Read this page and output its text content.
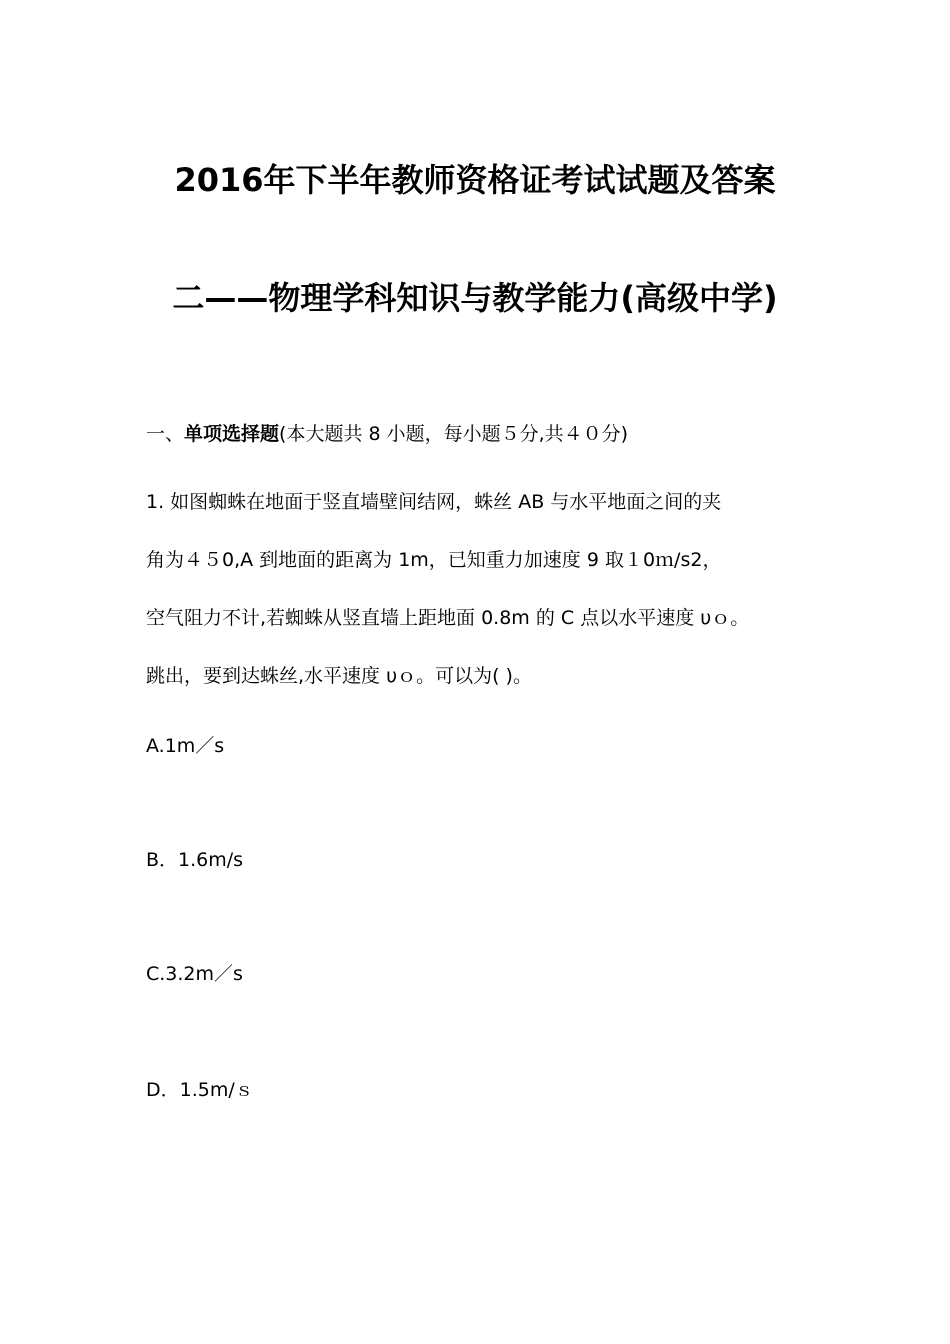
2016年下半年教师资格证考试试题及答案
二——物理学科知识与教学能力(高级中学)
一、单项选择题(本大题共 8 小题，每小题５分,共４０分)
1. 如图蜘蛛在地面于竖直墙壁间结网，蛛丝 AB 与水平地面之间的夹
角为４５0,A 到地面的距离为 1m，已知重力加速度 9 取１0ｍ/s2，
空气阻力不计,若蜘蛛从竖直墙上距地面 0.8m 的 C 点以水平速度 υｏ。
跳出，要到达蛛丝,水平速度 υｏ。可以为( )。
A.1m／s
B．1.6m/s
C.3.2m／s
D．1.5m/ｓ
